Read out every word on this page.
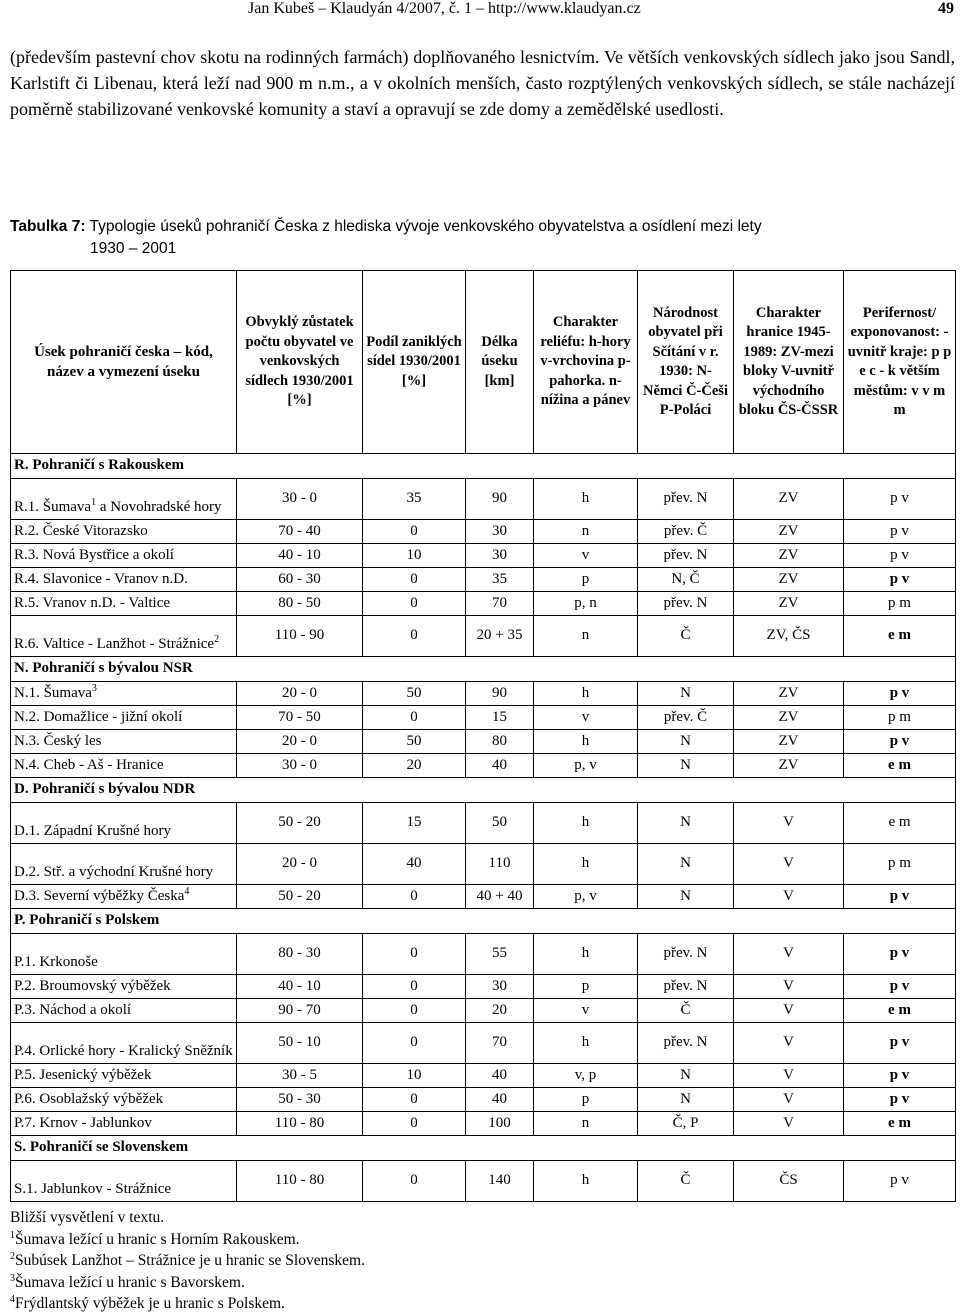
Jan Kubeš – Klaudyán 4/2007, č. 1 – http://www.klaudyan.cz	49
(především pastevní chov skotu na rodinných farmách) doplňovaného lesnictvím. Ve větších venkovských sídlech jako jsou Sandl, Karlstift či Libenau, která leží nad 900 m n.m., a v okolních menších, často rozptýlených venkovských sídlech, se stále nacházejí poměrně stabilizované venkovské komunity a staví a opravují se zde domy a zemědělské usedlosti.
Tabulka 7: Typologie úseků pohraničí Česka z hlediska vývoje venkovského obyvatelstva a osídlení mezi lety
1930 – 2001
Úsek pohraničí česka – kód, název a vymezení úseku	Obvyklý zůstatek počtu obyvatel ve venkovských sídlech 1930/2001 [%]	Podíl zaniklých sídel 1930/2001 [%]	Délka úseku [km]	Charakter reliéfu: h-hory v-vrchovina p-pahorka. n-nížina a pánev	Národnost obyvatel při Sčítání v r. 1930: N-Němci Č-Češi P-Poláci	Charakter hranice 1945-1989: ZV-mezi bloky V-uvnitř východního bloku ČS-ČSSR	Perifernost/ exponovanost: - uvnitř kraje: p p e c - k větším městům: v v m m
R. Pohraničí s Rakouskem							
R.1. Šumava$^1$ a Novohradské hory	30 - 0	35	90	h	přev. N	ZV	p v
R.2. České Vitorazsko	70 - 40	0	30	n	přev. Č	ZV	p v
R.3. Nová Bystřice a okolí	40 - 10	10	30	v	přev. N	ZV	p v
R.4. Slavonice - Vranov n.D.	60 - 30	0	35	p	N, Č	ZV	p v
R.5. Vranov n.D. - Valtice	80 - 50	0	70	p, n	přev. N	ZV	p m
R.6. Valtice - Lanžhot - Strážnice$^2$	110 - 90	0	20 + 35	n	Č	ZV, ČS	e m
N. Pohraničí s bývalou NSR							
N.1. Šumava$^3$	20 - 0	50	90	h	N	ZV	p v
N.2. Domažlice - jižní okolí	70 - 50	0	15	v	přev. Č	ZV	p m
N.3. Český les	20 - 0	50	80	h	N	ZV	p v
N.4. Cheb - Aš - Hranice	30 - 0	20	40	p, v	N	ZV	e m
D. Pohraničí s bývalou NDR							
D.1. Západní Krušné hory	50 - 20	15	50	h	N	V	e m
D.2. Stř. a východní Krušné hory	20 - 0	40	110	h	N	V	p m
D.3. Severní výběžky Česka$^4$	50 - 20	0	40 + 40	p, v	N	V	p v
P. Pohraničí s Polskem							
P.1. Krkonoše	80 - 30	0	55	h	přev. N	V	p v
P.2. Broumovský výběžek	40 - 10	0	30	p	přev. N	V	p v
P.3. Náchod a okolí	90 - 70	0	20	v	Č	V	e m
P.4. Orlické hory - Kralický Sněžník	50 - 10	0	70	h	přev. N	V	p v
P.5. Jesenický výběžek	30 - 5	10	40	v, p	N	V	p v
P.6. Osoblažský výběžek	50 - 30	0	40	p	N	V	p v
P.7. Krnov - Jablunkov	110 - 80	0	100	n	Č, P	V	e m
S. Pohraničí se Slovenskem							
S.1. Jablunkov - Strážnice	110 - 80	0	140	h	Č	ČS	p v
Bližší vysvětlení v textu.
$^1$Šumava ležící u hranic s Horním Rakouskem.
$^2$Subúsek Lanžhot – Strážnice je u hranic se Slovenskem.
$^3$Šumava ležící u hranic s Bavorskem.
$^4$Frýdlantský výběžek je u hranic s Polskem.
